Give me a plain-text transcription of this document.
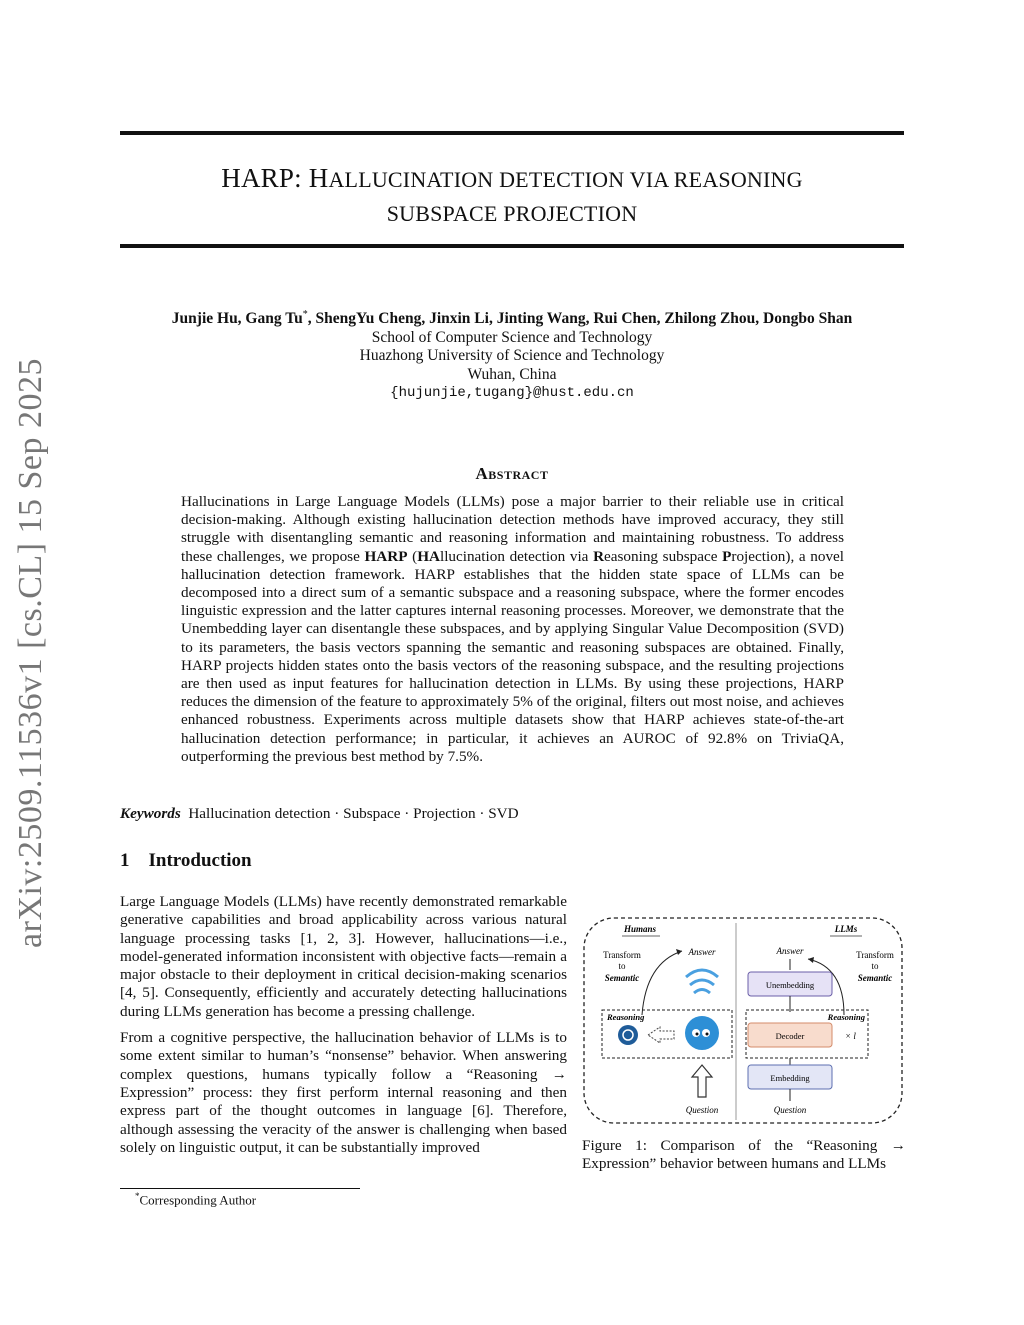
arXiv:2509.11536v1 [cs.CL] 15 Sep 2025
HARP: HALLUCINATION DETECTION VIA REASONING
SUBSPACE PROJECTION
Junjie Hu, Gang Tu*, ShengYu Cheng, Jinxin Li, Jinting Wang, Rui Chen, Zhilong Zhou, Dongbo Shan
School of Computer Science and Technology
Huazhong University of Science and Technology
Wuhan, China
{hujunjie,tugang}@hust.edu.cn
Abstract
Hallucinations in Large Language Models (LLMs) pose a major barrier to their reliable use in critical decision-making. Although existing hallucination detection methods have improved accuracy, they still struggle with disentangling semantic and reasoning information and maintaining robustness. To address these challenges, we propose HARP (HAllucination detection via Reasoning subspace Projection), a novel hallucination detection framework. HARP establishes that the hidden state space of LLMs can be decomposed into a direct sum of a semantic subspace and a reasoning subspace, where the former encodes linguistic expression and the latter captures internal reasoning processes. Moreover, we demonstrate that the Unembedding layer can disentangle these subspaces, and by applying Singular Value Decomposition (SVD) to its parameters, the basis vectors spanning the semantic and reasoning subspaces are obtained. Finally, HARP projects hidden states onto the basis vectors of the reasoning subspace, and the resulting projections are then used as input features for hallucination detection in LLMs. By using these projections, HARP reduces the dimension of the feature to approximately 5% of the original, filters out most noise, and achieves enhanced robustness. Experiments across multiple datasets show that HARP achieves state-of-the-art hallucination detection performance; in particular, it achieves an AUROC of 92.8% on TriviaQA, outperforming the previous best method by 7.5%.
Keywords Hallucination detection · Subspace · Projection · SVD
1 Introduction

Large Language Models (LLMs) have recently demonstrated remarkable generative capabilities and broad applicability across various natural language processing tasks [1, 2, 3]. However, hallucinations—i.e., model-generated information inconsistent with objective facts—remain a major obstacle to their deployment in critical decision-making scenarios [4, 5]. Consequently, efficiently and accurately detecting hallucinations during LLMs generation has become a pressing challenge.

From a cognitive perspective, the hallucination behavior of LLMs is to some extent similar to human’s “nonsense” behavior. When answering complex questions, humans typically follow a “Reasoning → Expression” process: they first perform internal reasoning and then express part of the thought outcomes in language [6]. Therefore, although assessing the veracity of the answer is challenging when based solely on linguistic output, it can be substantially improved

Humans
Transform
to
Semantic
Answer
Reasoning
Question
LLMs
Answer	Transform
to
Semantic
Unembedding
Reasoning
Decoder	× l
Embedding
Question
Figure 1: Comparison of the “Reasoning → Expression” behavior between humans and LLMs
*Corresponding Author
